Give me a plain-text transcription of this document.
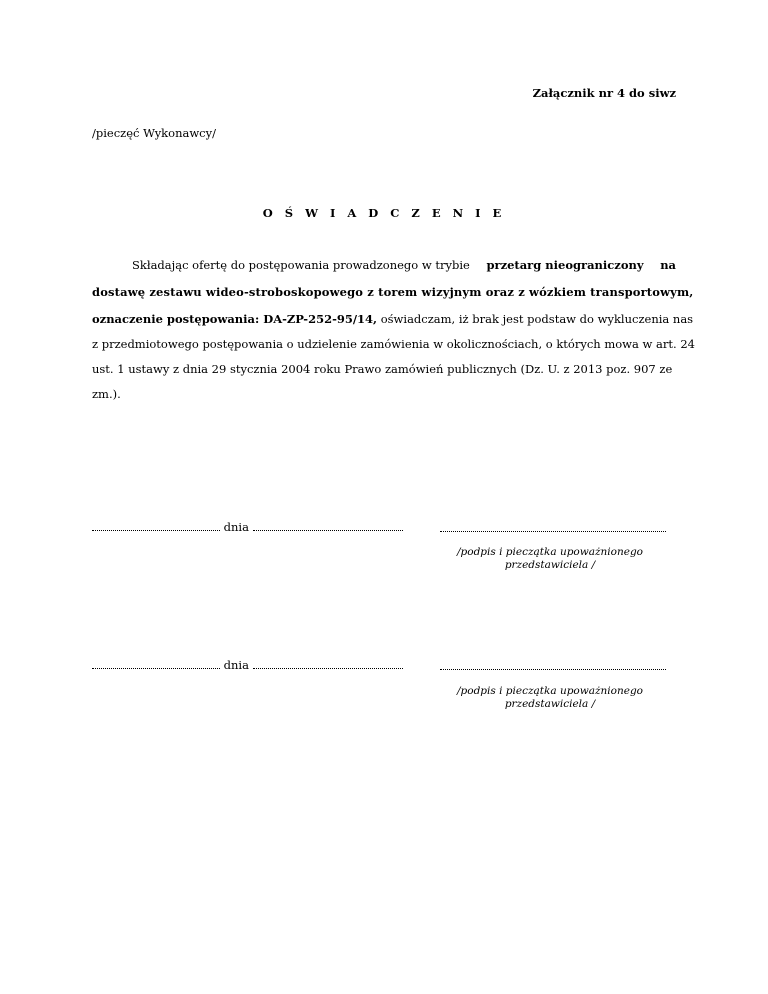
Załącznik nr 4 do siwz
/pieczęć Wykonawcy/
O Ś W I A D C Z E N I E
Składając ofertę do postępowania prowadzonego w trybie przetarg nieograniczony na
dostawę zestawu wideo-stroboskopowego z torem wizyjnym oraz z wózkiem transportowym,
oznaczenie postępowania: DA-ZP-252-95/14, oświadczam, iż brak jest podstaw do wykluczenia nas
z przedmiotowego postępowania o udzielenie zamówienia w okolicznościach, o których mowa w art. 24
ust. 1 ustawy z dnia 29 stycznia 2004 roku Prawo zamówień publicznych (Dz. U. z 2013 poz. 907 ze
zm.).
dnia
/podpis i pieczątka upoważnionego
przedstawiciela /
dnia
/podpis i pieczątka upoważnionego
przedstawiciela /
